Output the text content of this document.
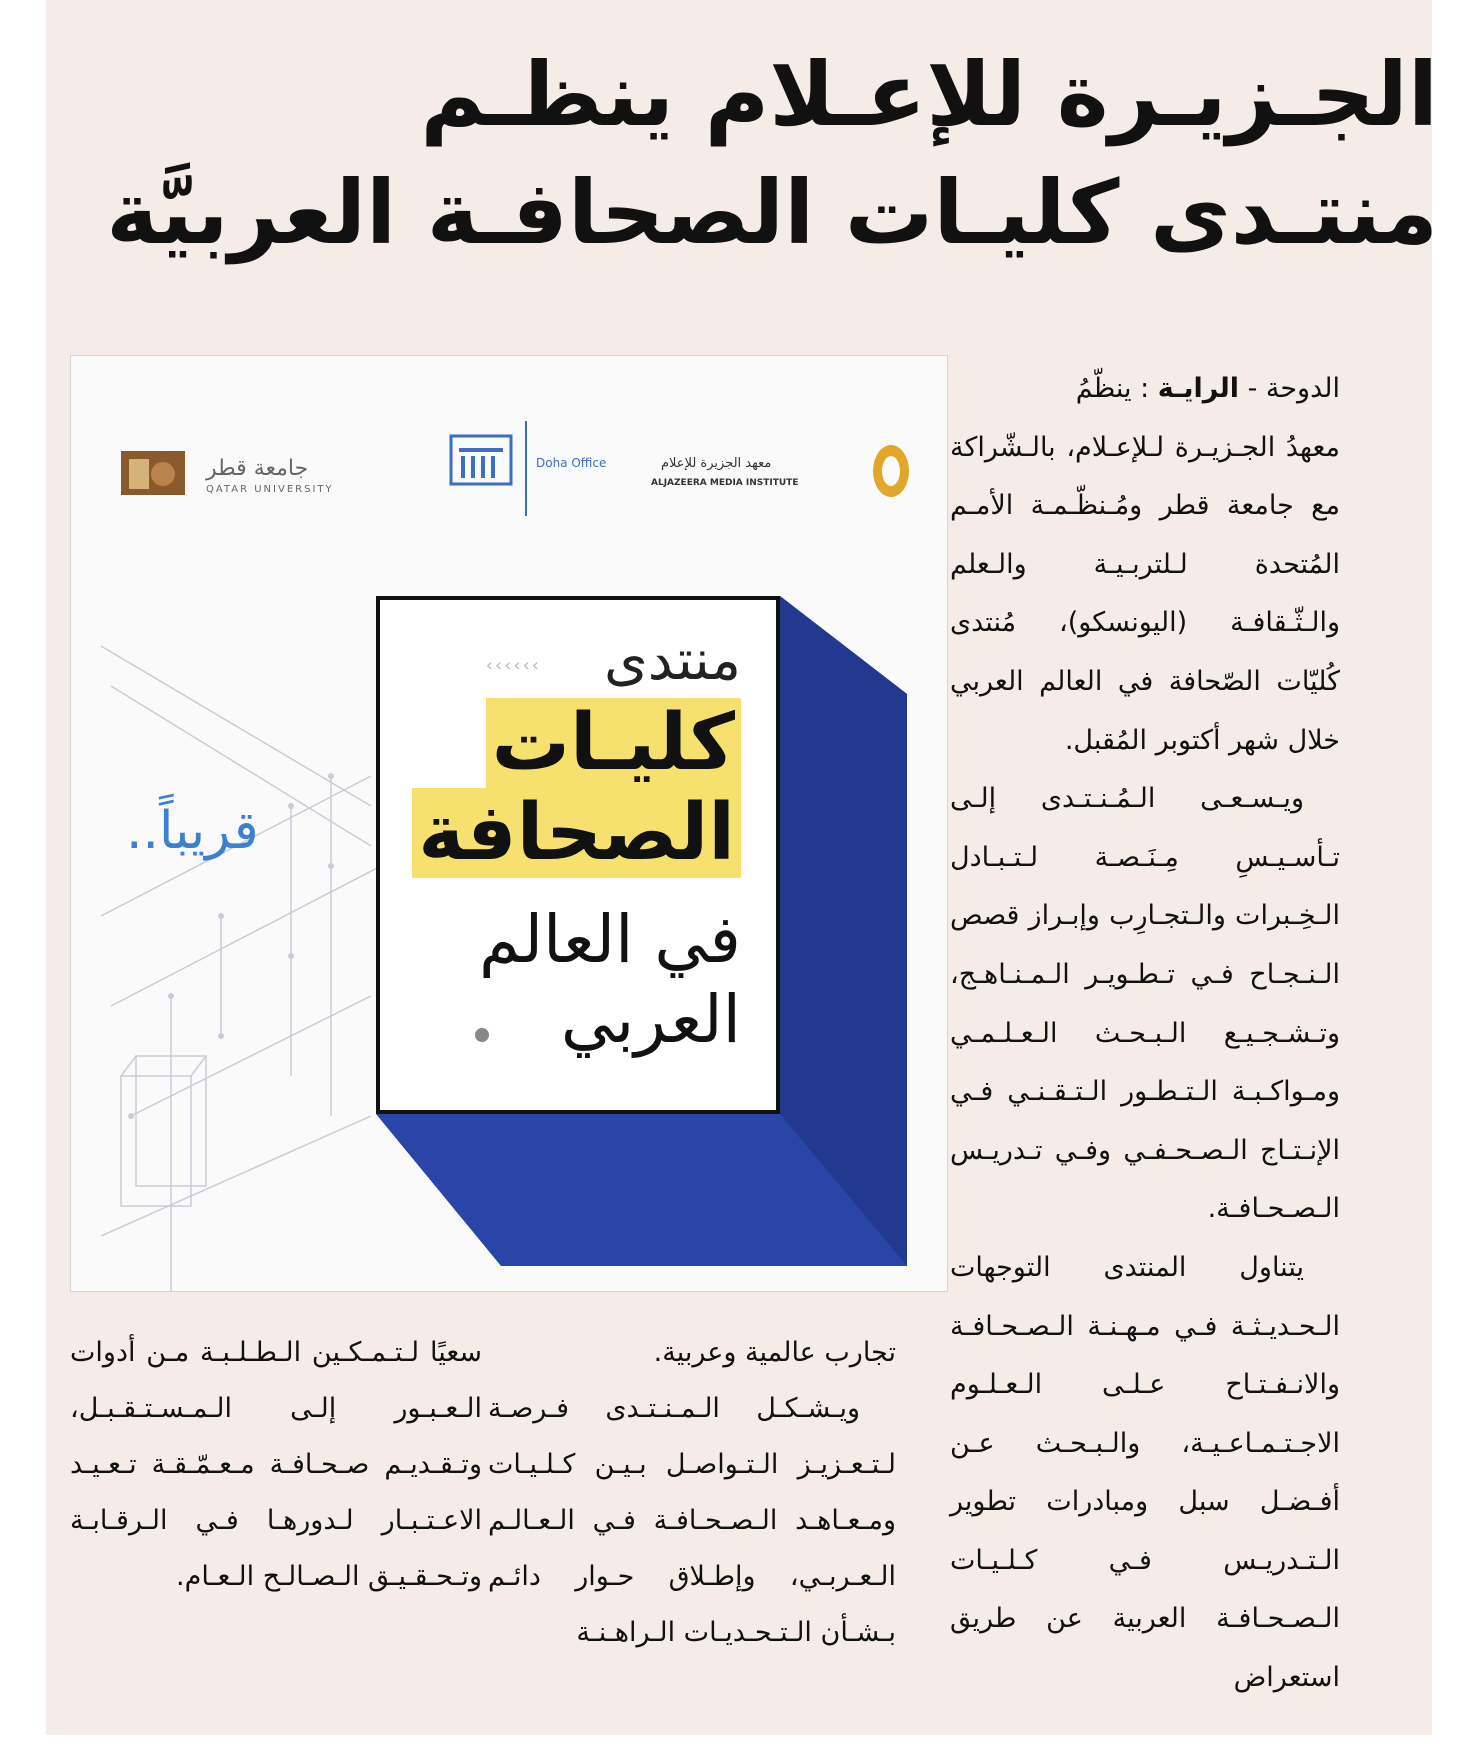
الجـزيـرة للإعـلام ينظـم
منتـدى كليـات الصحافـة العربيَّة
جامعة قطر
QATAR UNIVERSITY
Doha Office	معهد الجزيرة للإعلام
ALJAZEERA MEDIA INSTITUTE
قريباً..
منتدى
››››››
كليـات
الصحافة
في العالم
العربي

الدوحة - الرايـة : ينظّمُ

معهدُ الجـزيـرة لـلإعـلام، بالـشّراكة مع جامعة قطر ومُـنظّـمـة الأمـم المُتحدة لـلتربـيـة والـعلم والـثّـقافـة (اليونسكو)، مُنتدى كُليّات الصّحافة في العالم العربي خلال شهر أكتوبر المُقبل.

ويـسـعـى الـمُـنـتـدى إلـى تـأسـيـسِ مِـنَـصـة لـتـبـادل الـخِـبرات والـتجـارِب وإبـراز قصص الـنـجـاح فـي تـطـويـر الـمـنـاهـج، وتـشـجـيـع الـبـحـث الـعـلـمـي ومـواكـبـة الـتـطـور الـتـقـنـي فـي الإنـتـاج الـصـحـفـي وفـي تـدريـس الـصـحـافـة.

يتناول المنتدى التوجهات الـحـديـثـة فـي مـهـنـة الـصـحـافـة والانـفـتـاح عـلـى الـعـلـوم الاجـتـمـاعـيـة، والـبـحـث عـن أفـضـل سبل ومبادرات تطوير الـتـدريـس فـي كـلـيـات الـصـحـافـة العربية عن طريق استعراض

تجارب عالمية وعربية.

ويـشـكـل الـمـنـتـدى فـرصـة لـتـعـزيـز الـتـواصـل بـيـن كـلـيـات ومـعـاهـد الـصـحـافـة فـي الـعـالـم الـعـربـي، وإطـلاق حـوار دائـم بـشـأن الـتـحـديـات الـراهـنـة

سعيًا لـتـمـكـين الـطـلـبـة مـن أدوات الـعـبـور إلـى الـمـسـتـقـبـل، وتـقـديـم صـحـافـة مـعـمّـقـة تـعـيـد الاعـتـبـار لـدورهـا فـي الـرقـابـة وتـحـقـيـق الـصـالـح الـعـام.
